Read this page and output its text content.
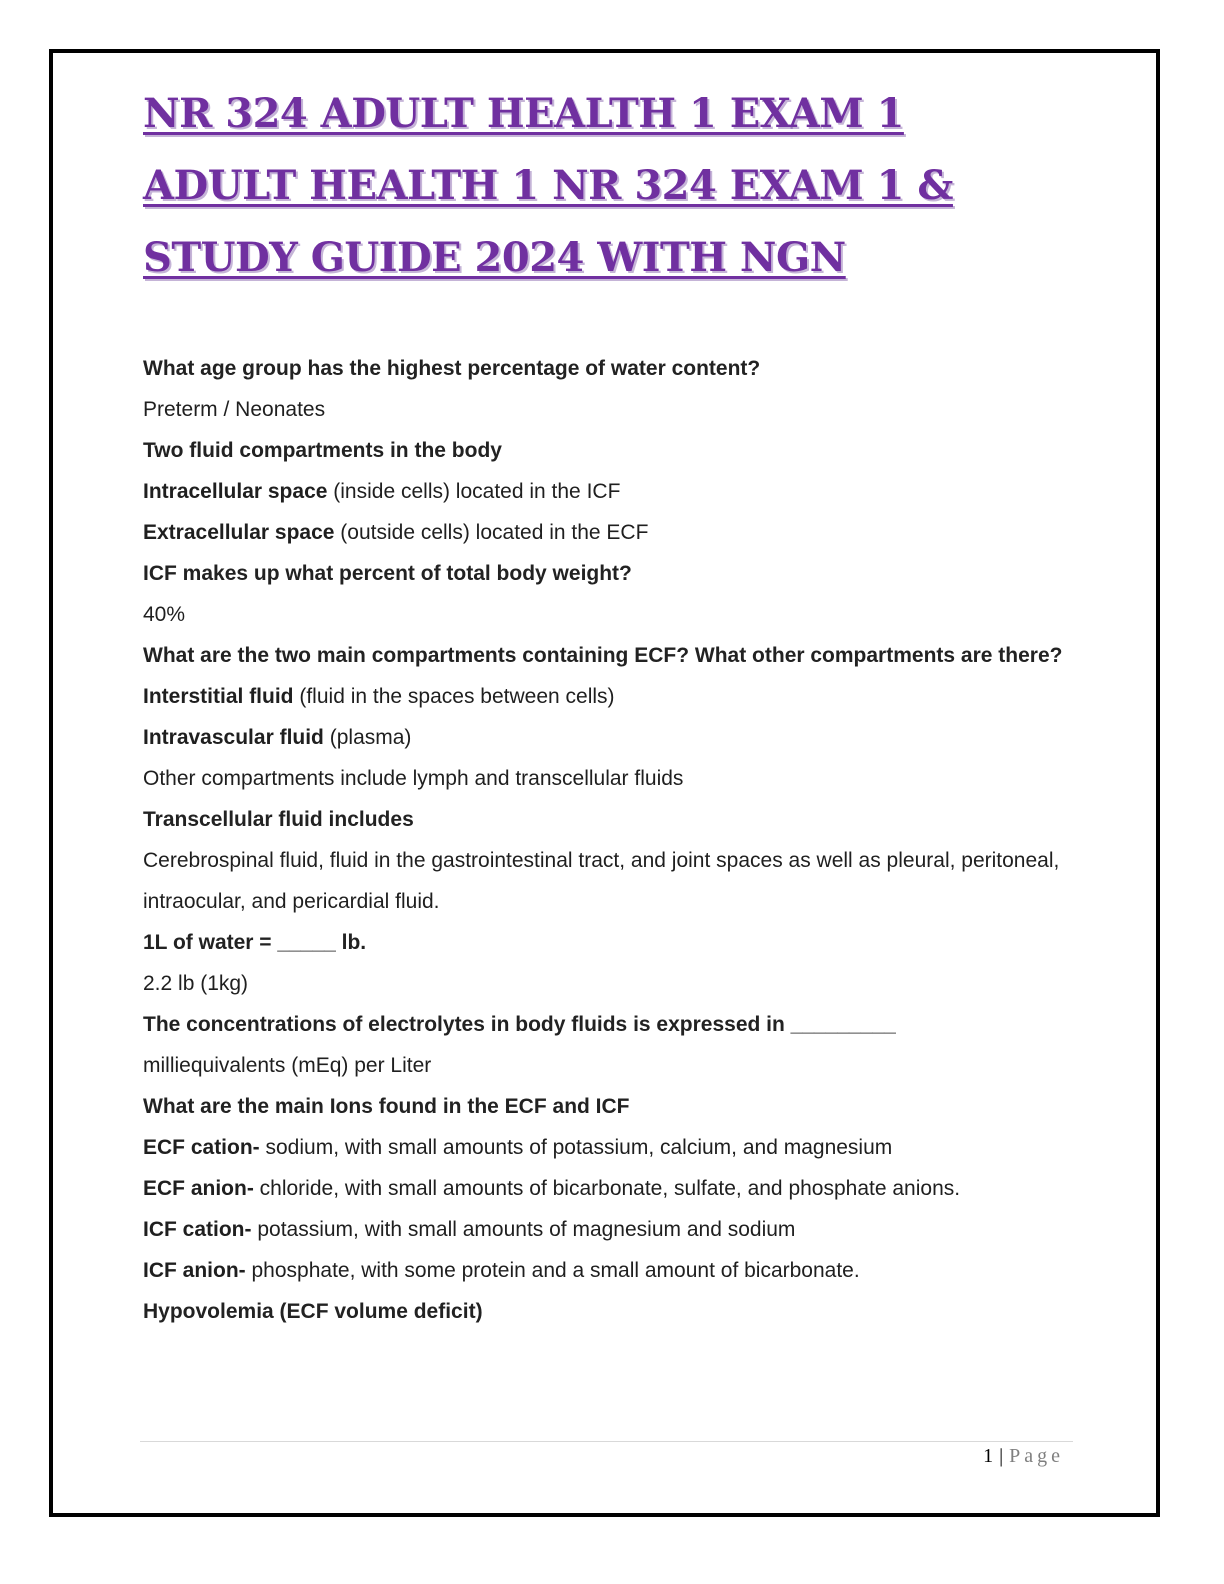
NR 324 ADULT HEALTH 1 EXAM 1
ADULT HEALTH 1 NR 324 EXAM 1 &
STUDY GUIDE 2024 WITH NGN

What age group has the highest percentage of water content?

Preterm / Neonates

Two fluid compartments in the body

Intracellular space (inside cells) located in the ICF

Extracellular space (outside cells) located in the ECF

ICF makes up what percent of total body weight?

40%

What are the two main compartments containing ECF? What other compartments are there?

Interstitial fluid (fluid in the spaces between cells)

Intravascular fluid (plasma)

Other compartments include lymph and transcellular fluids

Transcellular fluid includes

Cerebrospinal fluid, fluid in the gastrointestinal tract, and joint spaces as well as pleural, peritoneal, intraocular, and pericardial fluid.

1L of water = _____ lb.

2.2 lb (1kg)

The concentrations of electrolytes in body fluids is expressed in _________

milliequivalents (mEq) per Liter

What are the main Ions found in the ECF and ICF

ECF cation- sodium, with small amounts of potassium, calcium, and magnesium

ECF anion- chloride, with small amounts of bicarbonate, sulfate, and phosphate anions.

ICF cation- potassium, with small amounts of magnesium and sodium

ICF anion- phosphate, with some protein and a small amount of bicarbonate.

Hypovolemia (ECF volume deficit)

1 | Page
